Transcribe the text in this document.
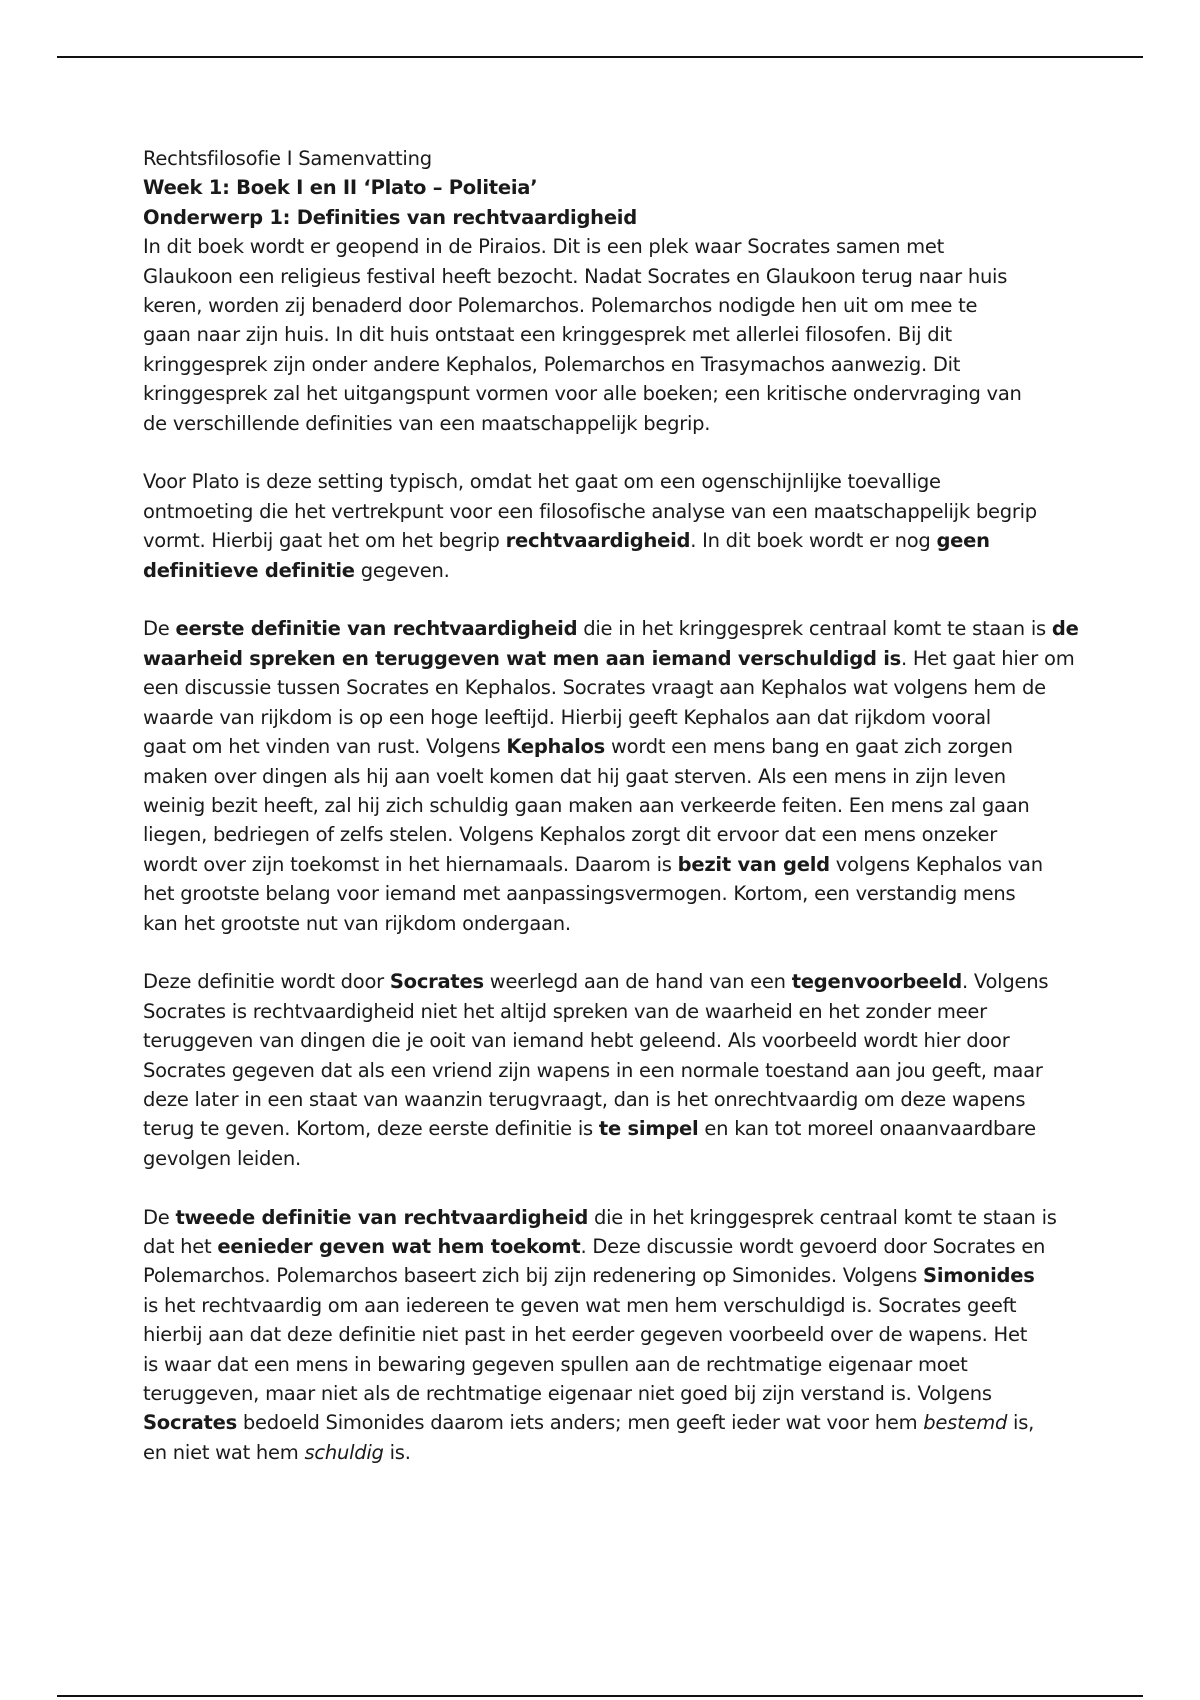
Rechtsfilosofie I Samenvatting
Week 1: Boek I en II ‘Plato – Politeia’
Onderwerp 1: Definities van rechtvaardigheid
In dit boek wordt er geopend in de Piraios. Dit is een plek waar Socrates samen met
Glaukoon een religieus festival heeft bezocht. Nadat Socrates en Glaukoon terug naar huis
keren, worden zij benaderd door Polemarchos. Polemarchos nodigde hen uit om mee te
gaan naar zijn huis. In dit huis ontstaat een kringgesprek met allerlei filosofen. Bij dit
kringgesprek zijn onder andere Kephalos, Polemarchos en Trasymachos aanwezig. Dit
kringgesprek zal het uitgangspunt vormen voor alle boeken; een kritische ondervraging van
de verschillende definities van een maatschappelijk begrip.
Voor Plato is deze setting typisch, omdat het gaat om een ogenschijnlijke toevallige
ontmoeting die het vertrekpunt voor een filosofische analyse van een maatschappelijk begrip
vormt. Hierbij gaat het om het begrip rechtvaardigheid. In dit boek wordt er nog geen
definitieve definitie gegeven.
De eerste definitie van rechtvaardigheid die in het kringgesprek centraal komt te staan is de
waarheid spreken en teruggeven wat men aan iemand verschuldigd is. Het gaat hier om
een discussie tussen Socrates en Kephalos. Socrates vraagt aan Kephalos wat volgens hem de
waarde van rijkdom is op een hoge leeftijd. Hierbij geeft Kephalos aan dat rijkdom vooral
gaat om het vinden van rust. Volgens Kephalos wordt een mens bang en gaat zich zorgen
maken over dingen als hij aan voelt komen dat hij gaat sterven. Als een mens in zijn leven
weinig bezit heeft, zal hij zich schuldig gaan maken aan verkeerde feiten. Een mens zal gaan
liegen, bedriegen of zelfs stelen. Volgens Kephalos zorgt dit ervoor dat een mens onzeker
wordt over zijn toekomst in het hiernamaals. Daarom is bezit van geld volgens Kephalos van
het grootste belang voor iemand met aanpassingsvermogen. Kortom, een verstandig mens
kan het grootste nut van rijkdom ondergaan.
Deze definitie wordt door Socrates weerlegd aan de hand van een tegenvoorbeeld. Volgens
Socrates is rechtvaardigheid niet het altijd spreken van de waarheid en het zonder meer
teruggeven van dingen die je ooit van iemand hebt geleend. Als voorbeeld wordt hier door
Socrates gegeven dat als een vriend zijn wapens in een normale toestand aan jou geeft, maar
deze later in een staat van waanzin terugvraagt, dan is het onrechtvaardig om deze wapens
terug te geven. Kortom, deze eerste definitie is te simpel en kan tot moreel onaanvaardbare
gevolgen leiden.
De tweede definitie van rechtvaardigheid die in het kringgesprek centraal komt te staan is
dat het eenieder geven wat hem toekomt. Deze discussie wordt gevoerd door Socrates en
Polemarchos. Polemarchos baseert zich bij zijn redenering op Simonides. Volgens Simonides
is het rechtvaardig om aan iedereen te geven wat men hem verschuldigd is. Socrates geeft
hierbij aan dat deze definitie niet past in het eerder gegeven voorbeeld over de wapens. Het
is waar dat een mens in bewaring gegeven spullen aan de rechtmatige eigenaar moet
teruggeven, maar niet als de rechtmatige eigenaar niet goed bij zijn verstand is. Volgens
Socrates bedoeld Simonides daarom iets anders; men geeft ieder wat voor hem bestemd is,
en niet wat hem schuldig is.
